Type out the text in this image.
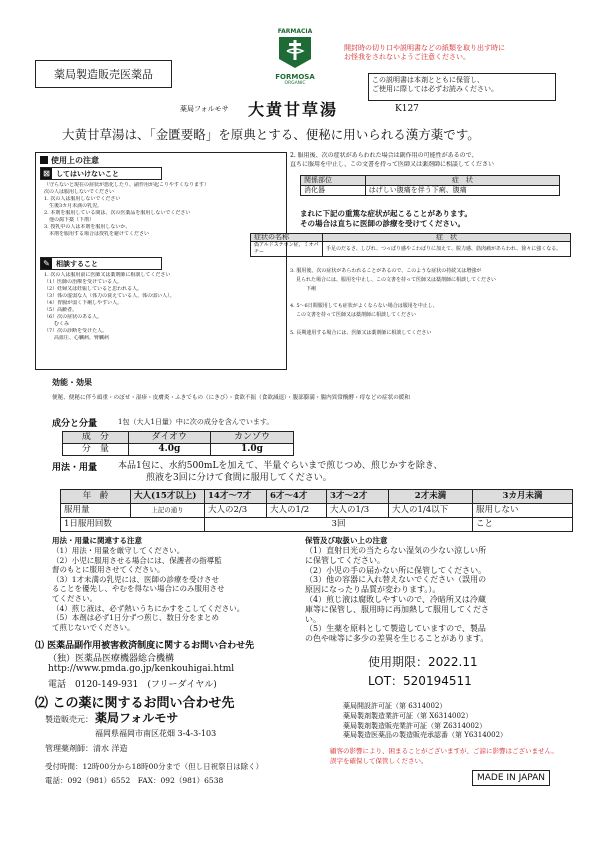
薬局製造販売医薬品
FARMACIA
FORMOSA
ORGANIC
開封時の切り口や説明書などの紙類を取り出す時に
お怪我をされないようご注意ください。
この説明書は本剤とともに保管し、
ご使用に際しては必ずお読みください。
薬局フォルモサ 大黄甘草湯	K127
大黄甘草湯は、「金匱要略」を原典とする、便秘に用いられる漢方薬です。
使用上の注意
⊠ してはいけないこと
（守らないと現在の症状が悪化したり、副作用が起こりやすくなります）
次の人は服用しないでください
1. 次の人は服用しないでください
　生後3カ月未満の乳児。
2. 本剤を服用している間は、次の医薬品を服用しないでください
　他の瀉下薬（下剤）
3. 授乳中の人は本剤を服用しないか、
　本剤を服用する場合は授乳を避けてください
✎ 相談すること
1. 次の人は服用前に医師又は薬剤師に相談してください
（1）医師の治療を受けている人。
（2）妊婦又は妊娠していると思われる人。
（3）体の虚弱な人（体力の衰えている人、体の弱い人）。
（4）胃腸が弱く下痢しやすい人。
（5）高齢者。
（6）次の症状のある人。
　　むくみ
（7）次の診断を受けた人。
　　高血圧、心臓病、腎臓病
2. 服用後、次の症状があらわれた場合は副作用の可能性があるので、
直ちに服用を中止し、この文書を持って医師又は薬剤師に相談してください
関係部位	症　状
消化器	はげしい腹痛を伴う下痢、腹痛
まれに下記の重篤な症状が起こることがあります。
その場合は直ちに医師の診療を受けてください。
症状の名称	症　状
偽アルドステロン症、ミオパチー	手足のだるさ、しびれ、つっぱり感やこわばりに加えて、脱力感、筋肉痛があらわれ、徐々に強くなる。
3. 服用後、次の症状があらわれることがあるので、このような症状の持続又は増強が
見られた場合には、服用を中止し、この文書を持って医師又は薬剤師に相談してください
下痢
4. 5～6日間服用しても症状がよくならない場合は服用を中止し、
この文書を持って医師又は薬剤師に相談してください
5. 長期連用する場合には、医師又は薬剤師に相談してください
効能・効果
便秘、便秘に伴う頭重・のぼせ・湿疹・皮膚炎・ふきでもの（にきび）・食欲不振（食欲減退）・腹部膨満・腸内異常醗酵・痔などの症状の緩和
成分と分量	1包（大人1日量）中に次の成分を含んでいます。
成　分	ダイオウ	カンゾウ
分　量	4.0g	1.0g
用法・用量 本品1包に、水約500mLを加えて、半量ぐらいまで煎じつめ、煎じかすを除き、
煎液を3回に分けて食間に服用してください。
年　齢	大人(15才以上)	14才～7才	6才～4才	3才～2才	2才未満	3カ月未満
服用量	上記の通り	大人の2/3	大人の1/2	大人の1/3	大人の1/4以下	服用しない
1日服用回数		3回				こと
用法・用量に関連する注意
（1）用法・用量を厳守してください。
（2）小児に服用させる場合には、保護者の指導監
督のもとに服用させてください。
（3）1才未満の乳児には、医師の診療を受けさせ
ることを優先し、やむを得ない場合にのみ服用させ
てください。
（4）煎じ液は、必ず熱いうちにかすをこしてください。
（5）本剤は必ず1日分ずつ煎じ、数日分をまとめ
て煎じないでください。
保管及び取扱い上の注意
（1）直射日光の当たらない湿気の少ない涼しい所
に保管してください。
（2）小児の手の届かない所に保管してください。
（3）他の容器に入れ替えないでください（誤用の
原因になったり品質が変わります。）。
（4）煎じ液は腐敗しやすいので、冷暗所又は冷蔵
庫等に保管し、服用時に再加熱して服用してくださ
い。
（5）生薬を原料として製造していますので、製品
の色や味等に多少の差異を生じることがあります。
⑴ 医薬品副作用被害救済制度に関するお問い合わせ先
（独）医薬品医療機器総合機構
http://www.pmda.go.jp/kenkouhigai.html
電話　0120-149-931　(フリーダイヤル)
⑵ この薬に関するお問い合わせ先
製造販売元： 薬局フォルモサ
福岡県福岡市南区花畑 3-4-3-103
管理薬剤師：清水 洋造
受付時間：12時00分から18時00分まで（但し日祝祭日は除く）
電話：092（981）6552　FAX：092（981）6538
使用期限：2022.11
LOT：520194511
薬局開設許可証（第 6314002）
薬局製剤製造業許可証（第 X6314002）
薬局製剤製造販売業許可証（第 Z6314002）
薬局製造医薬品の製造販売承認番（第 Y6314002）
顧客の影響により、困まることがございますが、ご諒に影響はございません。
誤字を確保して保管しください。
MADE IN JAPAN
